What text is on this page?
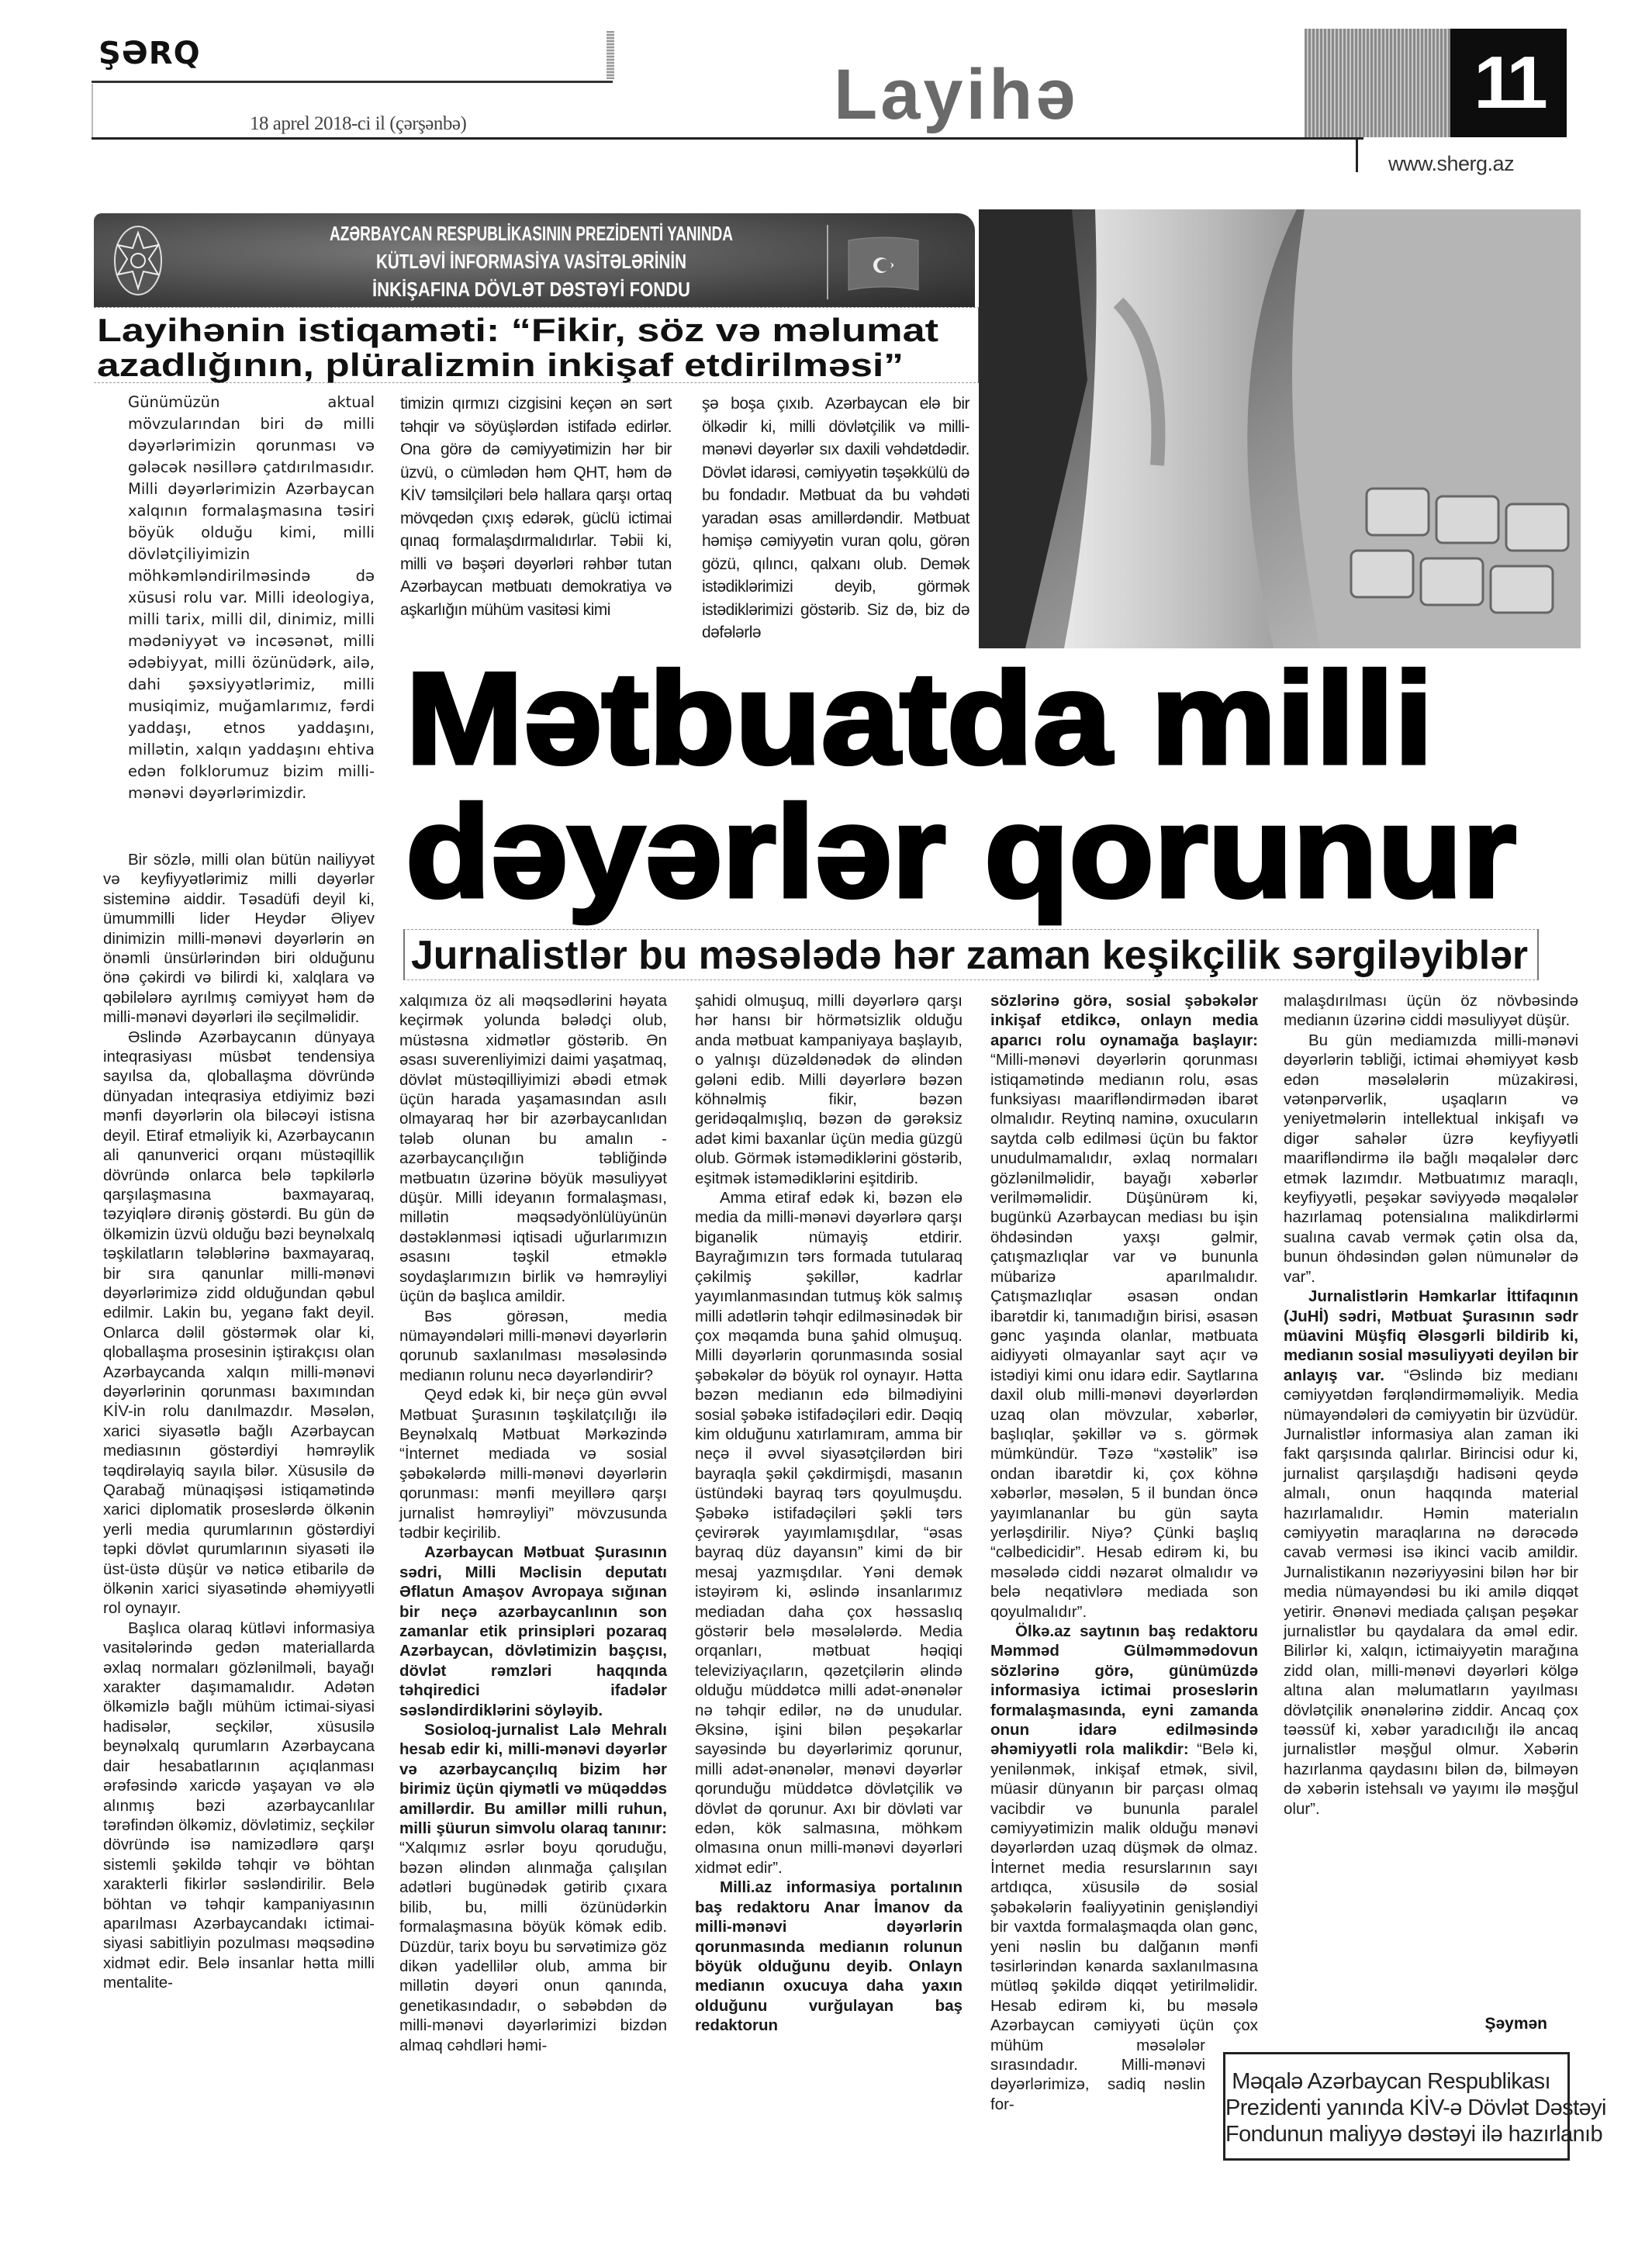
ŞƏRQ
18 aprel 2018-ci il (çərşənbə)	Layihə	11
www.sherg.az
AZƏRBAYCAN RESPUBLİKASININ PREZİDENTİ YANINDA
KÜTLƏVİ İNFORMASİYA VASİTƏLƏRİNİN
İNKİŞAFINA DÖVLƏT DƏSTƏYİ FONDU
Layihənin istiqaməti: “Fikir, söz və məlumat
azadlığının, plüralizmin inkişaf etdirilməsi”

Günümüzün aktual mövzularından biri də milli dəyərlərimizin qorunması və gələcək nəsillərə çatdırılmasıdır. Milli dəyərlərimizin Azərbaycan xalqının formalaşmasına təsiri böyük olduğu kimi, milli dövlətçiliyimizin möhkəmləndirilməsində də xüsusi rolu var. Milli ideologiya, milli tarix, milli dil, dinimiz, milli mədəniyyət və incəsənət, milli ədəbiyyat, milli özünüdərk, ailə, dahi şəxsiyyətlərimiz, milli musiqimiz, muğamlarımız, fərdi yaddaşı, etnos yaddaşını, millətin, xalqın yaddaşını ehtiva edən folklorumuz bizim milli-mənəvi dəyərlərimizdir.

timizin qırmızı cizgisini keçən ən sərt təhqir və söyüşlərdən istifadə edirlər. Ona görə də cəmiyyətimizin hər bir üzvü, o cümlədən həm QHT, həm də KİV təmsilçiləri belə hallara qarşı ortaq mövqedən çıxış edərək, güclü ictimai qınaq formalaşdırmalıdırlar. Təbii ki, milli və bəşəri dəyərləri rəhbər tutan Azərbaycan mətbuatı demokratiya və aşkarlığın mühüm vasitəsi kimi

şə boşa çıxıb. Azərbaycan elə bir ölkədir ki, milli dövlətçilik və milli-mənəvi dəyərlər sıx daxili vəhdətdədir. Dövlət idarəsi, cəmiyyətin təşəkkülü də bu fondadır. Mətbuat da bu vəhdəti yaradan əsas amillərdəndir. Mətbuat həmişə cəmiyyətin vuran qolu, görən gözü, qılıncı, qalxanı olub. Demək istədiklərimizi deyib, görmək istədiklərimizi göstərib. Siz də, biz də dəfələrlə

Mətbuatda milli
dəyərlər qorunur
Jurnalistlər bu məsələdə hər zaman keşikçilik sərgiləyiblər

Bir sözlə, milli olan bütün nailiyyət və keyfiyyətlərimiz milli dəyərlər sisteminə aiddir. Təsadüfi deyil ki, ümummilli lider Heydər Əliyev dinimizin milli-mənəvi dəyərlərin ən önəmli ünsürlərindən biri olduğunu önə çəkirdi və bilirdi ki, xalqlara və qəbilələrə ayrılmış cəmiyyət həm də milli-mənəvi dəyərləri ilə seçilməlidir.

Əslində Azərbaycanın dünyaya inteqrasiyası müsbət tendensiya sayılsa da, qloballaşma dövründə dünyadan inteqrasiya etdiyimiz bəzi mənfi dəyərlərin ola biləcəyi istisna deyil. Etiraf etməliyik ki, Azərbaycanın ali qanunverici orqanı müstəqillik dövründə onlarca belə təpkilərlə qarşılaşmasına baxmayaraq, təzyiqlərə dirəniş göstərdi. Bu gün də ölkəmizin üzvü olduğu bəzi beynəlxalq təşkilatların tələblərinə baxmayaraq, bir sıra qanunlar milli-mənəvi dəyərlərimizə zidd olduğundan qəbul edilmir. Lakin bu, yeganə fakt deyil. Onlarca dəlil göstərmək olar ki, qloballaşma prosesinin iştirakçısı olan Azərbaycanda xalqın milli-mənəvi dəyərlərinin qorunması baxımından KİV-in rolu danılmazdır. Məsələn, xarici siyasətlə bağlı Azərbaycan mediasının göstərdiyi həmrəylik təqdirəlayiq sayıla bilər. Xüsusilə də Qarabağ münaqişəsi istiqamətində xarici diplomatik proseslərdə ölkənin yerli media qurumlarının göstərdiyi təpki dövlət qurumlarının siyasəti ilə üst-üstə düşür və nəticə etibarilə də ölkənin xarici siyasətində əhəmiyyətli rol oynayır.

Başlıca olaraq kütləvi informasiya vasitələrində gedən materiallarda əxlaq normaları gözlənilməli, bayağı xarakter daşımamalıdır. Adətən ölkəmizlə bağlı mühüm ictimai-siyasi hadisələr, seçkilər, xüsusilə beynəlxalq qurumların Azərbaycana dair hesabatlarının açıqlanması ərəfəsində xaricdə yaşayan və ələ alınmış bəzi azərbaycanlılar tərəfindən ölkəmiz, dövlətimiz, seçkilər dövründə isə namizədlərə qarşı sistemli şəkildə təhqir və böhtan xarakterli fikirlər səsləndirilir. Belə böhtan və təhqir kampaniyasının aparılması Azərbaycandakı ictimai-siyasi sabitliyin pozulması məqsədinə xidmət edir. Belə insanlar hətta milli mentalite-

xalqımıza öz ali məqsədlərini həyata keçirmək yolunda bələdçi olub, müstəsna xidmətlər göstərib. Ən əsası suverenliyimizi daimi yaşatmaq, dövlət müstəqilliyimizi əbədi etmək üçün harada yaşamasından asılı olmayaraq hər bir azərbaycanlıdan tələb olunan bu amalın - azərbaycançılığın təbliğində mətbuatın üzərinə böyük məsuliyyət düşür. Milli ideyanın formalaşması, millətin məqsədyönlülüyünün dəstəklənməsi iqtisadi uğurlarımızın əsasını təşkil etməklə soydaşlarımızın birlik və həmrəyliyi üçün də başlıca amildir.

Bəs görəsən, media nümayəndələri milli-mənəvi dəyərlərin qorunub saxlanılması məsələsində medianın rolunu necə dəyərləndirir?

Qeyd edək ki, bir neçə gün əvvəl Mətbuat Şurasının təşkilatçılığı ilə Beynəlxalq Mətbuat Mərkəzində “İnternet mediada və sosial şəbəkələrdə milli-mənəvi dəyərlərin qorunması: mənfi meyillərə qarşı jurnalist həmrəyliyi” mövzusunda tədbir keçirilib.

Azərbaycan Mətbuat Şurasının sədri, Milli Məclisin deputatı Əflatun Amaşov Avropaya sığınan bir neçə azərbaycanlının son zamanlar etik prinsipləri pozaraq Azərbaycan, dövlətimizin başçısı, dövlət rəmzləri haqqında təhqiredici ifadələr səsləndirdiklərini söyləyib.

Sosioloq-jurnalist Lalə Mehralı hesab edir ki, milli-mənəvi dəyərlər və azərbaycançılıq bizim hər birimiz üçün qiymətli və müqəddəs amillərdir. Bu amillər milli ruhun, milli şüurun simvolu olaraq tanınır: “Xalqımız əsrlər boyu qoruduğu, bəzən əlindən alınmağa çalışılan adətləri bugünədək gətirib çıxara bilib, bu, milli özünüdərkin formalaşmasına böyük kömək edib. Düzdür, tarix boyu bu sərvətimizə göz dikən yadellilər olub, amma bir millətin dəyəri onun qanında, genetikasındadır, o səbəbdən də milli-mənəvi dəyərlərimizi bizdən almaq cəhdləri həmi-

şahidi olmuşuq, milli dəyərlərə qarşı hər hansı bir hörmətsizlik olduğu anda mətbuat kampaniyaya başlayıb, o yalnışı düzəldənədək də əlindən gələni edib. Milli dəyərlərə bəzən köhnəlmiş fikir, bəzən geridəqalmışlıq, bəzən də gərəksiz adət kimi baxanlar üçün media güzgü olub. Görmək istəmədiklərini göstərib, eşitmək istəmədiklərini eşitdirib.

Amma etiraf edək ki, bəzən elə media da milli-mənəvi dəyərlərə qarşı biganəlik nümayiş etdirir. Bayrağımızın tərs formada tutularaq çəkilmiş şəkillər, kadrlar yayımlanmasından tutmuş kök salmış milli adətlərin təhqir edilməsinədək bir çox məqamda buna şahid olmuşuq. Milli dəyərlərin qorunmasında sosial şəbəkələr də böyük rol oynayır. Hətta bəzən medianın edə bilmədiyini sosial şəbəkə istifadəçiləri edir. Dəqiq kim olduğunu xatırlamıram, amma bir neçə il əvvəl siyasətçilərdən biri bayraqla şəkil çəkdirmişdi, masanın üstündəki bayraq tərs qoyulmuşdu. Şəbəkə istifadəçiləri şəkli tərs çevirərək yayımlamışdılar, “əsas bayraq düz dayansın” kimi də bir mesaj yazmışdılar. Yəni demək istəyirəm ki, əslində insanlarımız mediadan daha çox həssaslıq göstərir belə məsələlərdə. Media orqanları, mətbuat həqiqi televiziyaçıların, qəzetçilərin əlində olduğu müddətcə milli adət-ənənələr nə təhqir edilər, nə də unudular. Əksinə, işini bilən peşəkarlar sayəsində bu dəyərlərimiz qorunur, milli adət-ənənələr, mənəvi dəyərlər qorunduğu müddətcə dövlətçilik və dövlət də qorunur. Axı bir dövləti var edən, kök salmasına, möhkəm olmasına onun milli-mənəvi dəyərləri xidmət edir”.

Milli.az informasiya portalının baş redaktoru Anar İmanov da milli-mənəvi dəyərlərin qorunmasında medianın rolunun böyük olduğunu deyib. Onlayn medianın oxucuya daha yaxın olduğunu vurğulayan baş redaktorun

sözlərinə görə, sosial şəbəkələr inkişaf etdikcə, onlayn media aparıcı rolu oynamağa başlayır: “Milli-mənəvi dəyərlərin qorunması istiqamətində medianın rolu, əsas funksiyası maarifləndirmədən ibarət olmalıdır. Reytinq naminə, oxucuların saytda cəlb edilməsi üçün bu faktor unudulmamalıdır, əxlaq normaları gözlənilməlidir, bayağı xəbərlər verilməməlidir. Düşünürəm ki, bugünkü Azərbaycan mediası bu işin öhdəsindən yaxşı gəlmir, çatışmazlıqlar var və bununla mübarizə aparılmalıdır. Çatışmazlıqlar əsasən ondan ibarətdir ki, tanımadığın birisi, əsasən gənc yaşında olanlar, mətbuata aidiyyəti olmayanlar sayt açır və istədiyi kimi onu idarə edir. Saytlarına daxil olub milli-mənəvi dəyərlərdən uzaq olan mövzular, xəbərlər, başlıqlar, şəkillər və s. görmək mümkündür. Təzə “xəstəlik” isə ondan ibarətdir ki, çox köhnə xəbərlər, məsələn, 5 il bundan öncə yayımlananlar bu gün sayta yerləşdirilir. Niyə? Çünki başlıq “cəlbedicidir”. Hesab edirəm ki, bu məsələdə ciddi nəzarət olmalıdır və belə neqativlərə mediada son qoyulmalıdır”.

Ölkə.az saytının baş redaktoru Məmməd Gülməmmədovun sözlərinə görə, günümüzdə informasiya ictimai proseslərin formalaşmasında, eyni zamanda onun idarə edilməsində əhəmiyyətli rola malikdir: “Belə ki, yenilənmək, inkişaf etmək, sivil, müasir dünyanın bir parçası olmaq vacibdir və bununla paralel cəmiyyətimizin malik olduğu mənəvi dəyərlərdən uzaq düşmək də olmaz. İnternet media resurslarının sayı artdıqca, xüsusilə də sosial şəbəkələrin fəaliyyətinin genişləndiyi bir vaxtda formalaşmaqda olan gənc, yeni nəslin bu dalğanın mənfi təsirlərindən kənarda saxlanılmasına mütləq şəkildə diqqət yetirilməlidir. Hesab edirəm ki, bu məsələ Azərbaycan cəmiyyəti üçün çox mühüm məsələlər sırasındadır. Milli-mənəvi dəyərlərimizə, sadiq nəslin for-

malaşdırılması üçün öz növbəsində medianın üzərinə ciddi məsuliyyət düşür.

Bu gün mediamızda milli-mənəvi dəyərlərin təbliği, ictimai əhəmiyyət kəsb edən məsələlərin müzakirəsi, vətənpərvərlik, uşaqların və yeniyetmələrin intellektual inkişafı və digər sahələr üzrə keyfiyyətli maarifləndirmə ilə bağlı məqalələr dərc etmək lazımdır. Mətbuatımız maraqlı, keyfiyyətli, peşəkar səviyyədə məqalələr hazırlamaq potensialına malikdirlərmi sualına cavab vermək çətin olsa da, bunun öhdəsindən gələn nümunələr də var”.

Jurnalistlərin Həmkarlar İttifaqının (JuHİ) sədri, Mətbuat Şurasının sədr müavini Müşfiq Ələsgərli bildirib ki, medianın sosial məsuliyyəti deyilən bir anlayış var. “Əslində biz medianı cəmiyyətdən fərqləndirməməliyik. Media nümayəndələri də cəmiyyətin bir üzvüdür. Jurnalistlər informasiya alan zaman iki fakt qarşısında qalırlar. Birincisi odur ki, jurnalist qarşılaşdığı hadisəni qeydə almalı, onun haqqında material hazırlamalıdır. Həmin materialın cəmiyyətin maraqlarına nə dərəcədə cavab verməsi isə ikinci vacib amildir. Jurnalistikanın nəzəriyyəsini bilən hər bir media nümayəndəsi bu iki amilə diqqət yetirir. Ənənəvi mediada çalışan peşəkar jurnalistlər bu qaydalara da əməl edir. Bilirlər ki, xalqın, ictimaiyyətin marağına zidd olan, milli-mənəvi dəyərləri kölgə altına alan məlumatların yayılması dövlətçilik ənənələrinə ziddir. Ancaq çox təəssüf ki, xəbər yaradıcılığı ilə ancaq jurnalistlər məşğul olmur. Xəbərin hazırlanma qaydasını bilən də, bilməyən də xəbərin istehsalı və yayımı ilə məşğul olur”.

Şəymən
Məqalə Azərbaycan Respublikası
Prezidenti yanında KİV-ə Dövlət Dəstəyi
Fondunun maliyyə dəstəyi ilə hazırlanıb
